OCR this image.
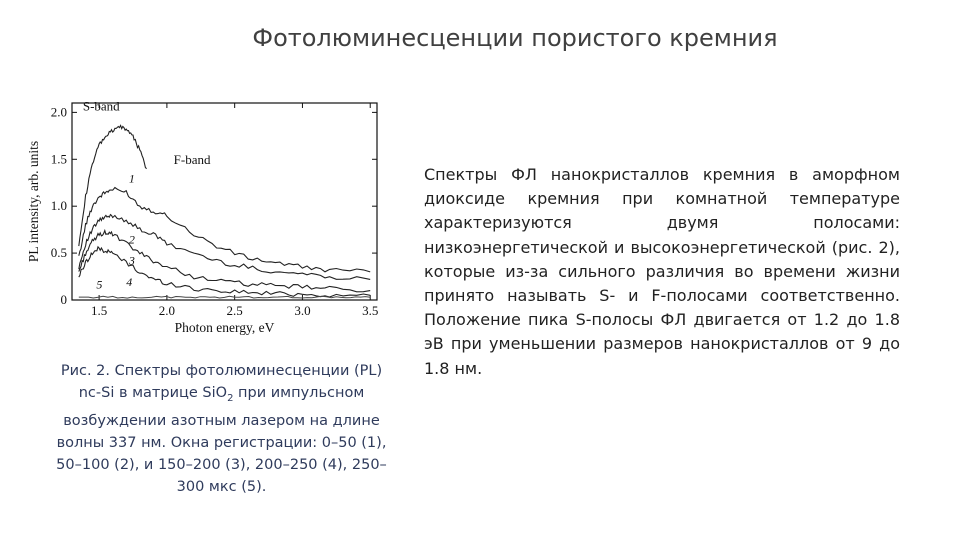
Фотолюминесценции пористого кремния
1.5	2.0	2.5	3.0	3.5
0
0.5
1.0
1.5
2.0
Photon energy, eV
PL intensity, arb. units
S-band
F-band
1
2
3
4
5
Рис. 2. Спектры фотолюминесценции (PL) nc-Si в матрице SiO$_2$ при импульсном возбуждении азотным лазером на длине волны 337 нм. Окна регистрации: 0–50 (1), 50–100 (2), и 150–200 (3), 200–250 (4), 250–300 мкс (5).
Спектры ФЛ нанокристаллов кремния в аморфном диоксиде кремния при комнатной температуре характеризуются двумя полосами: низкоэнергетической и высокоэнергетической (рис. 2), которые из-за сильного различия во времени жизни принято называть S- и F-полосами соответственно. Положение пика S-полосы ФЛ двигается от 1.2 до 1.8 эВ при уменьшении размеров нанокристаллов от 9 до 1.8 нм.
